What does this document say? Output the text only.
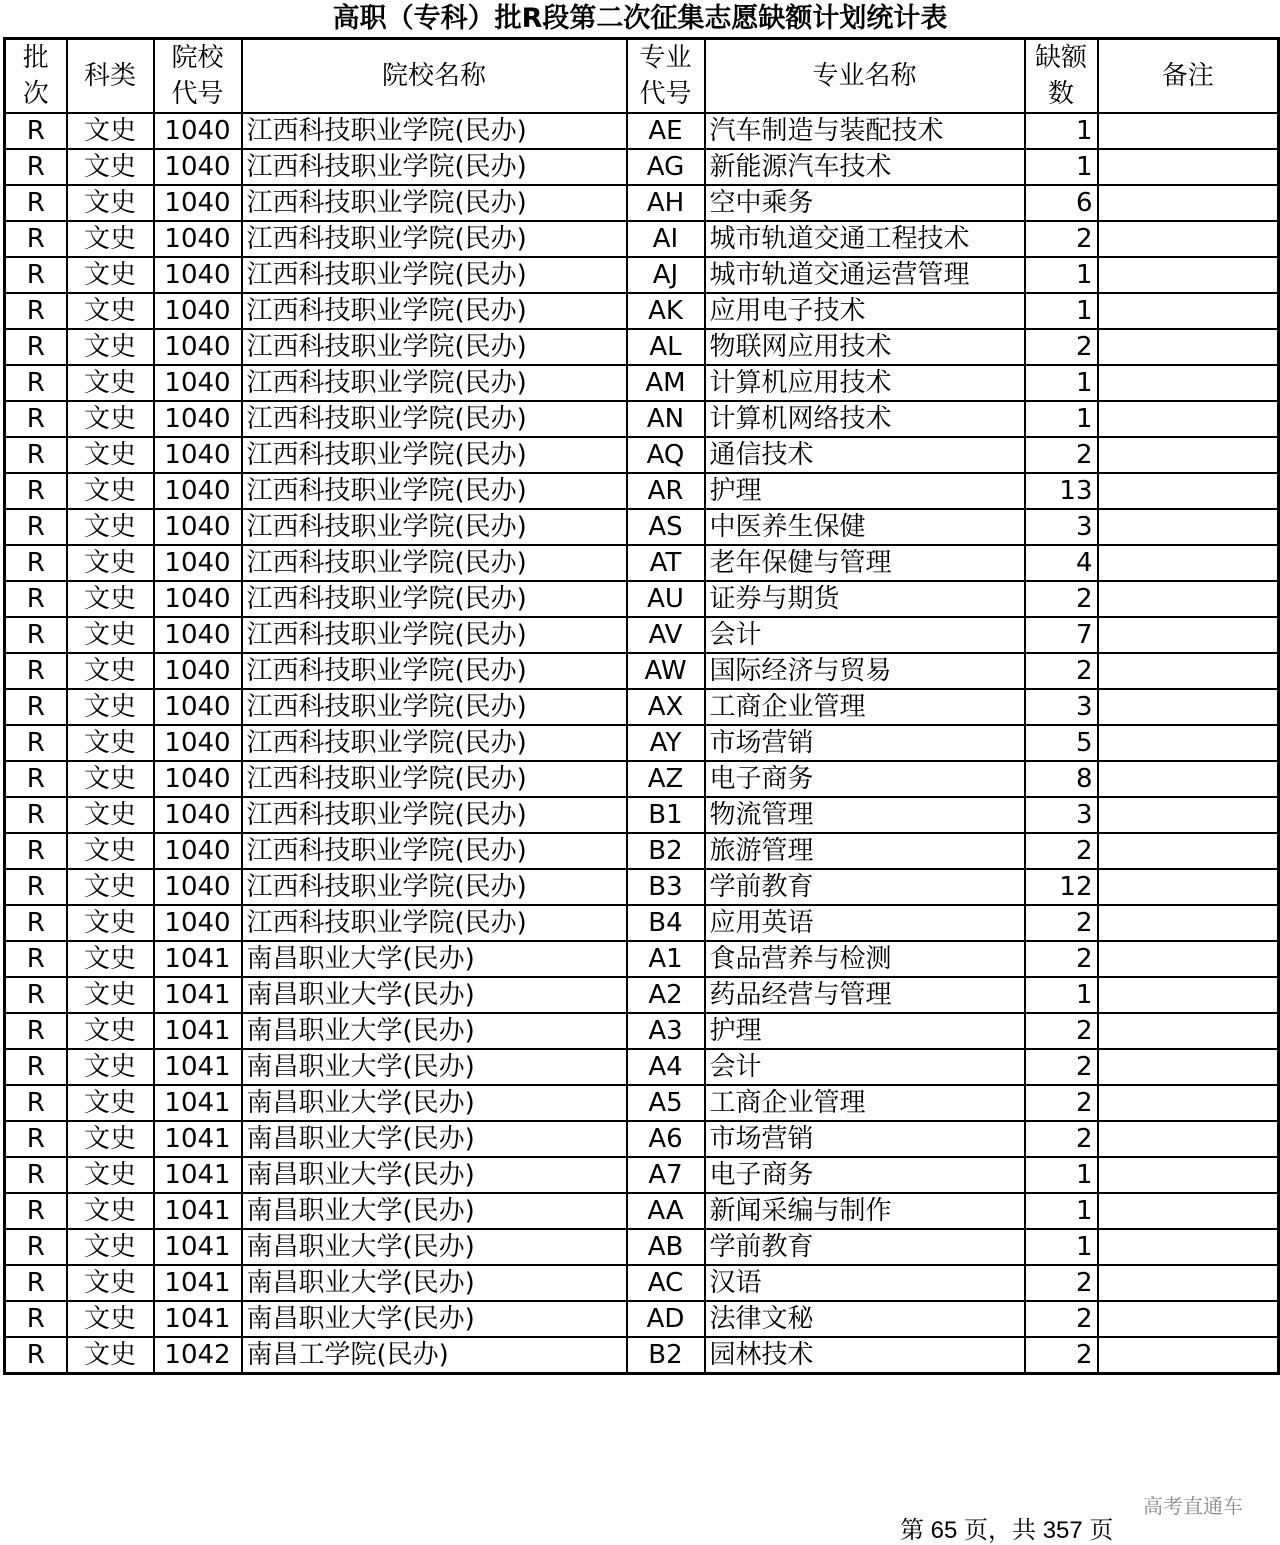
高职（专科）批R段第二次征集志愿缺额计划统计表
批次	科类	院校代号	院校名称	专业代号	专业名称	缺额数	备注
R	文史	1040	江西科技职业学院(民办)	AE	汽车制造与装配技术	1	
R	文史	1040	江西科技职业学院(民办)	AG	新能源汽车技术	1	
R	文史	1040	江西科技职业学院(民办)	AH	空中乘务	6	
R	文史	1040	江西科技职业学院(民办)	AI	城市轨道交通工程技术	2	
R	文史	1040	江西科技职业学院(民办)	AJ	城市轨道交通运营管理	1	
R	文史	1040	江西科技职业学院(民办)	AK	应用电子技术	1	
R	文史	1040	江西科技职业学院(民办)	AL	物联网应用技术	2	
R	文史	1040	江西科技职业学院(民办)	AM	计算机应用技术	1	
R	文史	1040	江西科技职业学院(民办)	AN	计算机网络技术	1	
R	文史	1040	江西科技职业学院(民办)	AQ	通信技术	2	
R	文史	1040	江西科技职业学院(民办)	AR	护理	13	
R	文史	1040	江西科技职业学院(民办)	AS	中医养生保健	3	
R	文史	1040	江西科技职业学院(民办)	AT	老年保健与管理	4	
R	文史	1040	江西科技职业学院(民办)	AU	证券与期货	2	
R	文史	1040	江西科技职业学院(民办)	AV	会计	7	
R	文史	1040	江西科技职业学院(民办)	AW	国际经济与贸易	2	
R	文史	1040	江西科技职业学院(民办)	AX	工商企业管理	3	
R	文史	1040	江西科技职业学院(民办)	AY	市场营销	5	
R	文史	1040	江西科技职业学院(民办)	AZ	电子商务	8	
R	文史	1040	江西科技职业学院(民办)	B1	物流管理	3	
R	文史	1040	江西科技职业学院(民办)	B2	旅游管理	2	
R	文史	1040	江西科技职业学院(民办)	B3	学前教育	12	
R	文史	1040	江西科技职业学院(民办)	B4	应用英语	2	
R	文史	1041	南昌职业大学(民办)	A1	食品营养与检测	2	
R	文史	1041	南昌职业大学(民办)	A2	药品经营与管理	1	
R	文史	1041	南昌职业大学(民办)	A3	护理	2	
R	文史	1041	南昌职业大学(民办)	A4	会计	2	
R	文史	1041	南昌职业大学(民办)	A5	工商企业管理	2	
R	文史	1041	南昌职业大学(民办)	A6	市场营销	2	
R	文史	1041	南昌职业大学(民办)	A7	电子商务	1	
R	文史	1041	南昌职业大学(民办)	AA	新闻采编与制作	1	
R	文史	1041	南昌职业大学(民办)	AB	学前教育	1	
R	文史	1041	南昌职业大学(民办)	AC	汉语	2	
R	文史	1041	南昌职业大学(民办)	AD	法律文秘	2	
R	文史	1042	南昌工学院(民办)	B2	园林技术	2	
第 65 页，共 357 页
高考直通车
